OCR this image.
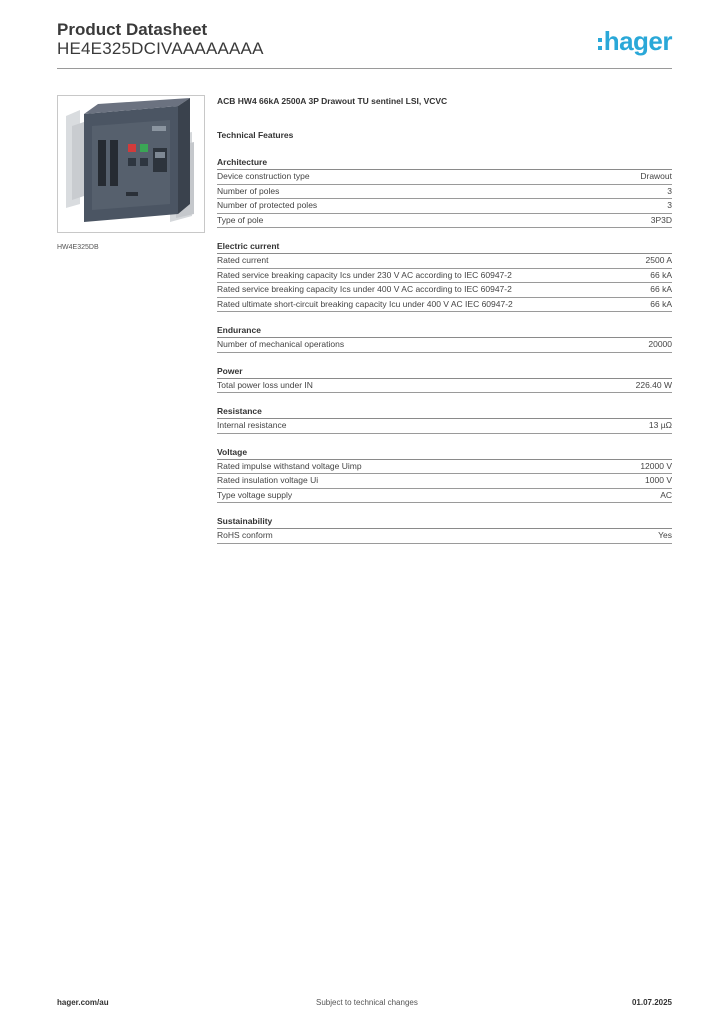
Product Datasheet
HE4E325DCIVAAAAAAAA	hager
HW4E325DB
ACB HW4 66kA 2500A 3P Drawout TU sentinel LSI, VCVC
Technical Features
Architecture
Device construction type	Drawout
Number of poles	3
Number of protected poles	3
Type of pole	3P3D
Electric current
Rated current	2500 A
Rated service breaking capacity Ics under 230 V AC according to IEC 60947-2	66 kA
Rated service breaking capacity Ics under 400 V AC according to IEC 60947-2	66 kA
Rated ultimate short-circuit breaking capacity Icu under 400 V AC IEC 60947-2	66 kA
Endurance
Number of mechanical operations	20000
Power
Total power loss under IN	226.40 W
Resistance
Internal resistance	13 µΩ
Voltage
Rated impulse withstand voltage Uimp	12000 V
Rated insulation voltage Ui	1000 V
Type voltage supply	AC
Sustainability
RoHS conform	Yes
hager.com/au	Subject to technical changes	01.07.2025
